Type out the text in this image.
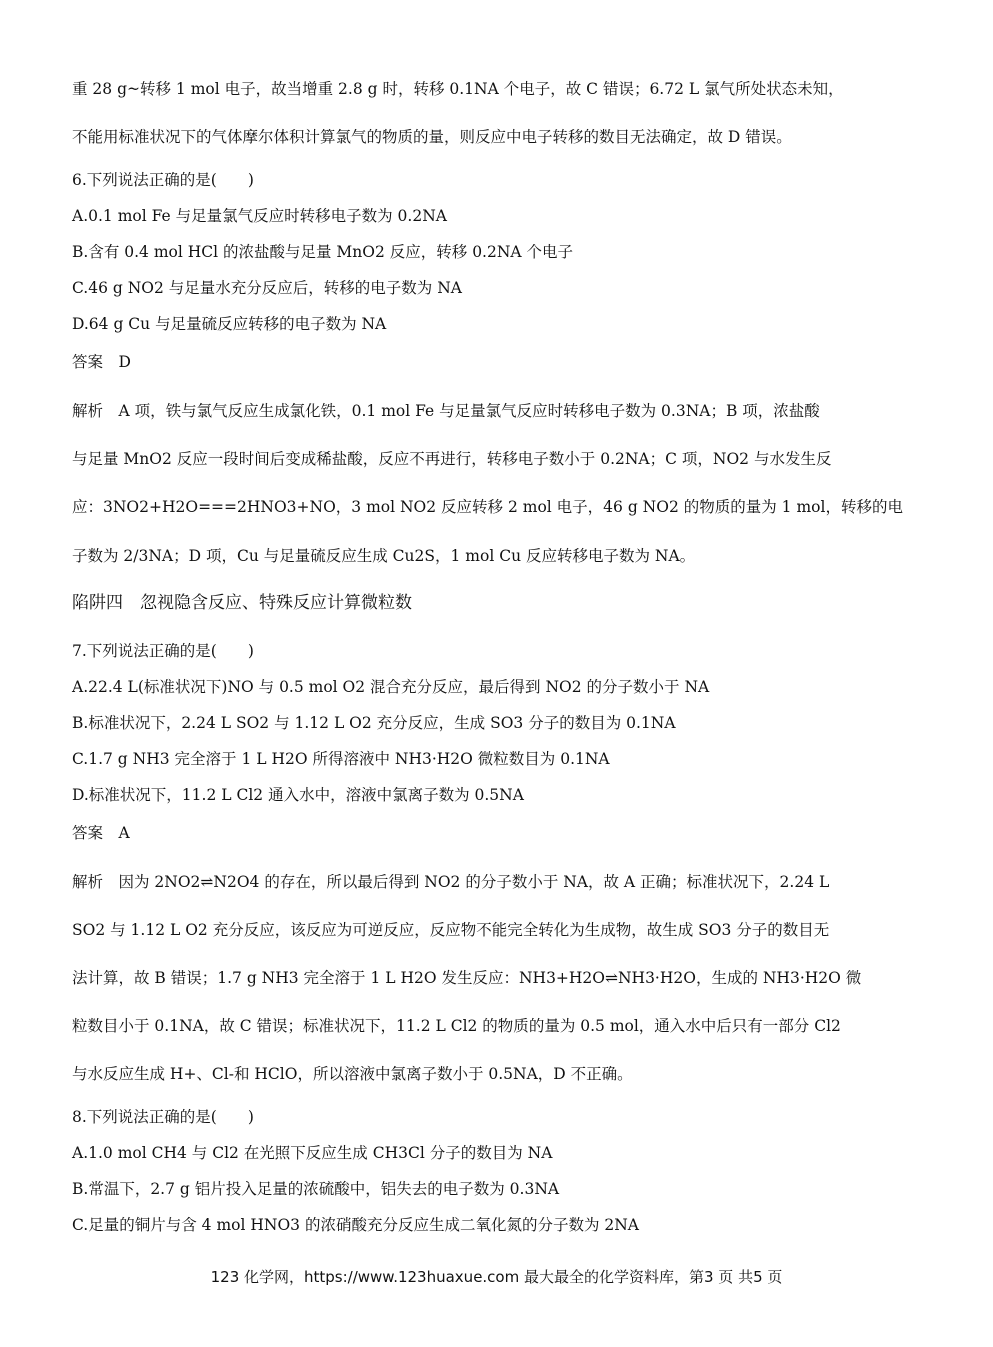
重 28 g~转移 1 mol 电子，故当增重 2.8 g 时，转移 0.1NA 个电子，故 C 错误；6.72 L 氯气所处状态未知，
不能用标准状况下的气体摩尔体积计算氯气的物质的量，则反应中电子转移的数目无法确定，故 D 错误。
6.下列说法正确的是(　　)
A.0.1 mol Fe 与足量氯气反应时转移电子数为 0.2NA
B.含有 0.4 mol HCl 的浓盐酸与足量 MnO2 反应，转移 0.2NA 个电子
C.46 g NO2 与足量水充分反应后，转移的电子数为 NA
D.64 g Cu 与足量硫反应转移的电子数为 NA
答案　D
解析　A 项，铁与氯气反应生成氯化铁，0.1 mol Fe 与足量氯气反应时转移电子数为 0.3NA；B 项，浓盐酸
与足量 MnO2 反应一段时间后变成稀盐酸，反应不再进行，转移电子数小于 0.2NA；C 项，NO2 与水发生反
应：3NO2+H2O===2HNO3+NO，3 mol NO2 反应转移 2 mol 电子，46 g NO2 的物质的量为 1 mol，转移的电
子数为 2/3NA；D 项，Cu 与足量硫反应生成 Cu2S，1 mol Cu 反应转移电子数为 NA。
陷阱四　忽视隐含反应、特殊反应计算微粒数
7.下列说法正确的是(　　)
A.22.4 L(标准状况下)NO 与 0.5 mol O2 混合充分反应，最后得到 NO2 的分子数小于 NA
B.标准状况下，2.24 L SO2 与 1.12 L O2 充分反应，生成 SO3 分子的数目为 0.1NA
C.1.7 g NH3 完全溶于 1 L H2O 所得溶液中 NH3·H2O 微粒数目为 0.1NA
D.标准状况下，11.2 L Cl2 通入水中，溶液中氯离子数为 0.5NA
答案　A
解析　因为 2NO2⇌N2O4 的存在，所以最后得到 NO2 的分子数小于 NA，故 A 正确；标准状况下，2.24 L
SO2 与 1.12 L O2 充分反应，该反应为可逆反应，反应物不能完全转化为生成物，故生成 SO3 分子的数目无
法计算，故 B 错误；1.7 g NH3 完全溶于 1 L H2O 发生反应：NH3+H2O⇌NH3·H2O，生成的 NH3·H2O 微
粒数目小于 0.1NA，故 C 错误；标准状况下，11.2 L Cl2 的物质的量为 0.5 mol，通入水中后只有一部分 Cl2
与水反应生成 H+、Cl-和 HClO，所以溶液中氯离子数小于 0.5NA，D 不正确。
8.下列说法正确的是(　　)
A.1.0 mol CH4 与 Cl2 在光照下反应生成 CH3Cl 分子的数目为 NA
B.常温下，2.7 g 铝片投入足量的浓硫酸中，铝失去的电子数为 0.3NA
C.足量的铜片与含 4 mol HNO3 的浓硝酸充分反应生成二氧化氮的分子数为 2NA
123 化学网，https://www.123huaxue.com 最大最全的化学资料库，第3 页 共5 页
